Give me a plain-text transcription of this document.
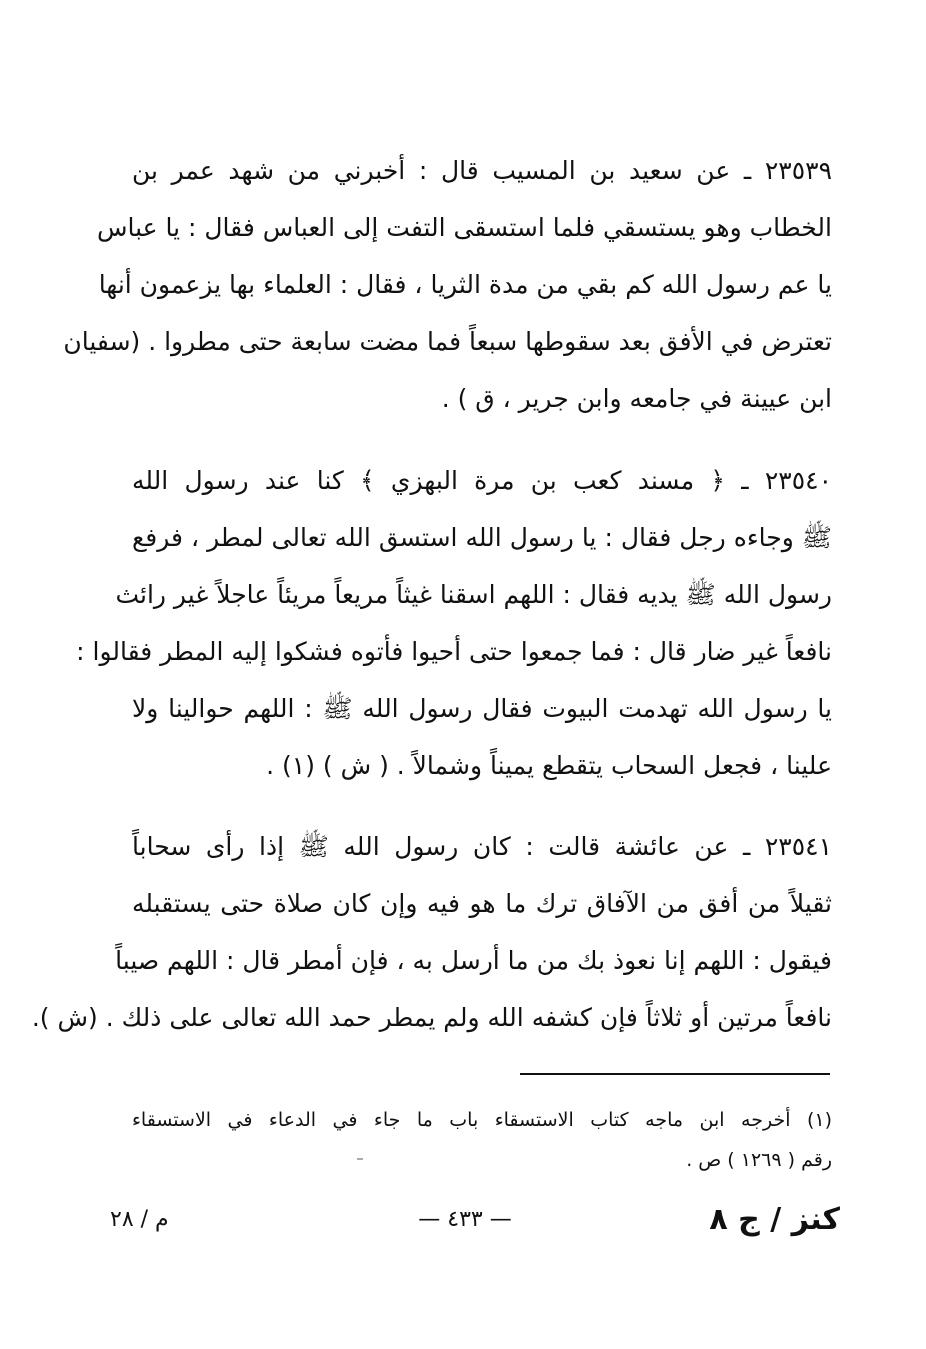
٢٣٥٣٩ ـ عن سعيد بن المسيب قال : أخبرني من شهد عمر بن
الخطاب وهو يستسقي فلما استسقى التفت إلى العباس فقال : يا عباس
يا عم رسول الله كم بقي من مدة الثريا ، فقال : العلماء بها يزعمون أنها
تعترض في الأفق بعد سقوطها سبعاً فما مضت سابعة حتى مطروا . (سفيان
ابن عيينة في جامعه وابن جرير ، ق ) .
٢٣٥٤٠ ـ ﴿ مسند كعب بن مرة البهزي ﴾ كنا عند رسول الله
ﷺ وجاءه رجل فقال : يا رسول الله استسق الله تعالى لمطر ، فرفع
رسول الله ﷺ يديه فقال : اللهم اسقنا غيثاً مريعاً مريئاً عاجلاً غير رائث
نافعاً غير ضار قال : فما جمعوا حتى أحيوا فأتوه فشكوا إليه المطر فقالوا :
يا رسول الله تهدمت البيوت فقال رسول الله ﷺ : اللهم حوالينا ولا
علينا ، فجعل السحاب يتقطع يميناً وشمالاً . ( ش ) (١) .
٢٣٥٤١ ـ عن عائشة قالت : كان رسول الله ﷺ إذا رأى سحاباً
ثقيلاً من أفق من الآفاق ترك ما هو فيه وإن كان صلاة حتى يستقبله
فيقول : اللهم إنا نعوذ بك من ما أرسل به ، فإن أمطر قال : اللهم صيباً
نافعاً مرتين أو ثلاثاً فإن كشفه الله ولم يمطر حمد الله تعالى على ذلك . (ش ).
(١) أخرجه ابن ماجه كتاب الاستسقاء باب ما جاء في الدعاء في الاستسقاء
رقم ( ١٢٦٩ ) ص .
كنز / ج ٨
— ٤٣٣ —
م / ٢٨
